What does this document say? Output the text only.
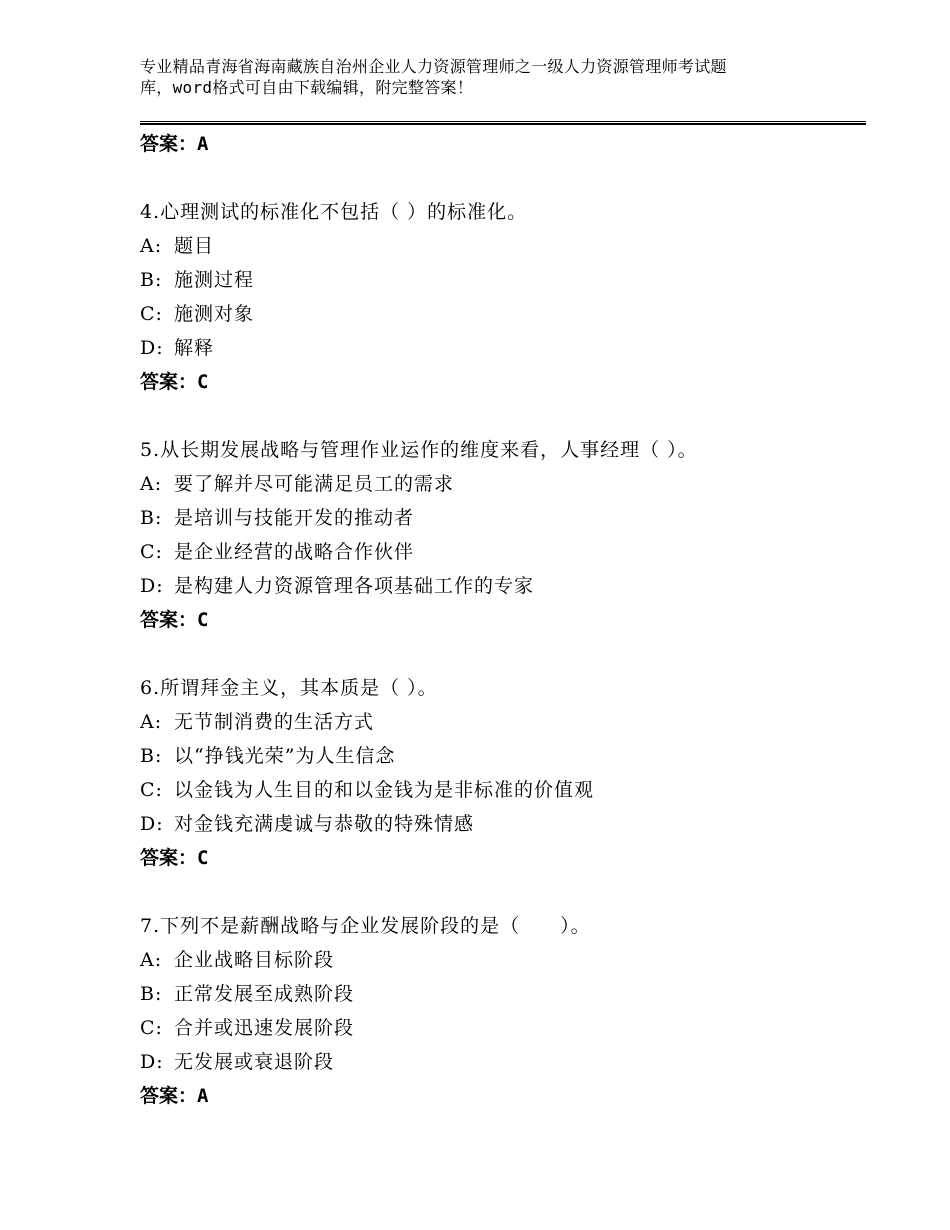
专业精品青海省海南藏族自治州企业人力资源管理师之一级人力资源管理师考试题
库，word格式可自由下载编辑，附完整答案！
答案：A
4.心理测试的标准化不包括（ ）的标准化。
A: 题目
B: 施测过程
C: 施测对象
D: 解释
答案：C
5.从长期发展战略与管理作业运作的维度来看，人事经理（ ）。
A: 要了解并尽可能满足员工的需求
B: 是培训与技能开发的推动者
C: 是企业经营的战略合作伙伴
D: 是构建人力资源管理各项基础工作的专家
答案：C
6.所谓拜金主义，其本质是（ ）。
A: 无节制消费的生活方式
B: 以“挣钱光荣”为人生信念
C: 以金钱为人生目的和以金钱为是非标准的价值观
D: 对金钱充满虔诚与恭敬的特殊情感
答案：C
7.下列不是薪酬战略与企业发展阶段的是（　　）。
A: 企业战略目标阶段
B: 正常发展至成熟阶段
C: 合并或迅速发展阶段
D: 无发展或衰退阶段
答案：A
